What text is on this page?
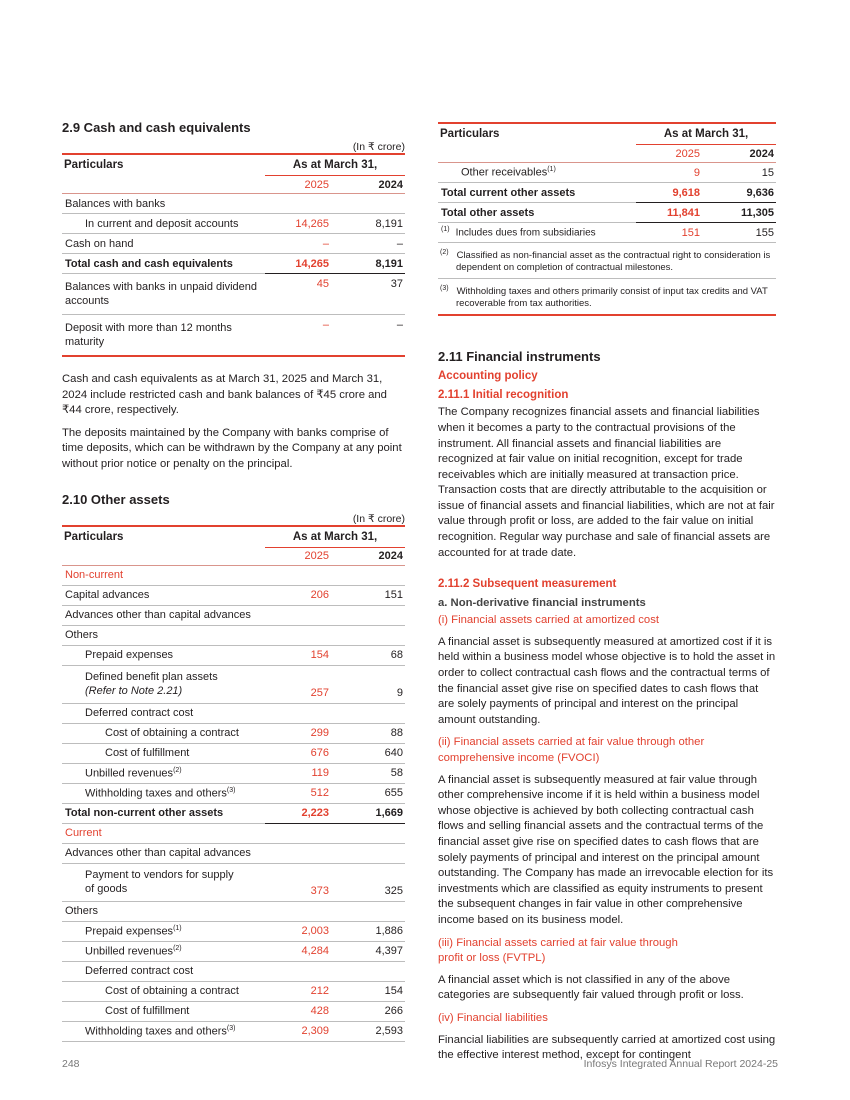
2.9 Cash and cash equivalents
(In ₹ crore)
Particulars	As at March 31,	
	2025	2024
Balances with banks		
In current and deposit accounts	14,265	8,191
Cash on hand	–	–
Total cash and cash equivalents	14,265	8,191
Balances with banks in unpaid dividend accounts	45	37
Deposit with more than 12 months maturity	–	–

Cash and cash equivalents as at March 31, 2025 and March 31, 2024 include restricted cash and bank balances of ₹45 crore and ₹44 crore, respectively.

The deposits maintained by the Company with banks comprise of time deposits, which can be withdrawn by the Company at any point without prior notice or penalty on the principal.

2.10 Other assets
(In ₹ crore)
Particulars	As at March 31,	
	2025	2024
Non-current		
Capital advances	206	151
Advances other than capital advances		
Others		
Prepaid expenses	154	68
Defined benefit plan assets (Refer to Note 2.21)	257	9
Deferred contract cost		
Cost of obtaining a contract	299	88
Cost of fulfillment	676	640
Unbilled revenues$^{(2)}$	119	58
Withholding taxes and others$^{(3)}$	512	655
Total non-current other assets	2,223	1,669
Current		
Advances other than capital advances		
Payment to vendors for supply of goods	373	325
Others		
Prepaid expenses$^{(1)}$	2,003	1,886
Unbilled revenues$^{(2)}$	4,284	4,397
Deferred contract cost		
Cost of obtaining a contract	212	154
Cost of fulfillment	428	266
Withholding taxes and others$^{(3)}$	2,309	2,593
Particulars	As at March 31,	
	2025	2024
Other receivables$^{(1)}$	9	15
Total current other assets	9,618	9,636
Total other assets	11,841	11,305
$^{(1)}$ Includes dues from subsidiaries	151	155
$^{(2)}$ Classified as non-financial asset as the contractual right to consideration is dependent on completion of contractual milestones.		
$^{(3)}$ Withholding taxes and others primarily consist of input tax credits and VAT recoverable from tax authorities.		
2.11 Financial instruments
Accounting policy
2.11.1 Initial recognition

The Company recognizes financial assets and financial liabilities when it becomes a party to the contractual provisions of the instrument. All financial assets and financial liabilities are recognized at fair value on initial recognition, except for trade receivables which are initially measured at transaction price. Transaction costs that are directly attributable to the acquisition or issue of financial assets and financial liabilities, which are not at fair value through profit or loss, are added to the fair value on initial recognition. Regular way purchase and sale of financial assets are accounted for at trade date.

2.11.2 Subsequent measurement
a. Non-derivative financial instruments
(i) Financial assets carried at amortized cost

A financial asset is subsequently measured at amortized cost if it is held within a business model whose objective is to hold the asset in order to collect contractual cash flows and the contractual terms of the financial asset give rise on specified dates to cash flows that are solely payments of principal and interest on the principal amount outstanding.

(ii) Financial assets carried at fair value through other comprehensive income (FVOCI)

A financial asset is subsequently measured at fair value through other comprehensive income if it is held within a business model whose objective is achieved by both collecting contractual cash flows and selling financial assets and the contractual terms of the financial asset give rise on specified dates to cash flows that are solely payments of principal and interest on the principal amount outstanding. The Company has made an irrevocable election for its investments which are classified as equity instruments to present the subsequent changes in fair value in other comprehensive income based on its business model.

(iii) Financial assets carried at fair value through profit or loss (FVTPL)

A financial asset which is not classified in any of the above categories are subsequently fair valued through profit or loss.

(iv) Financial liabilities

Financial liabilities are subsequently carried at amortized cost using the effective interest method, except for contingent

248	Infosys Integrated Annual Report 2024-25
